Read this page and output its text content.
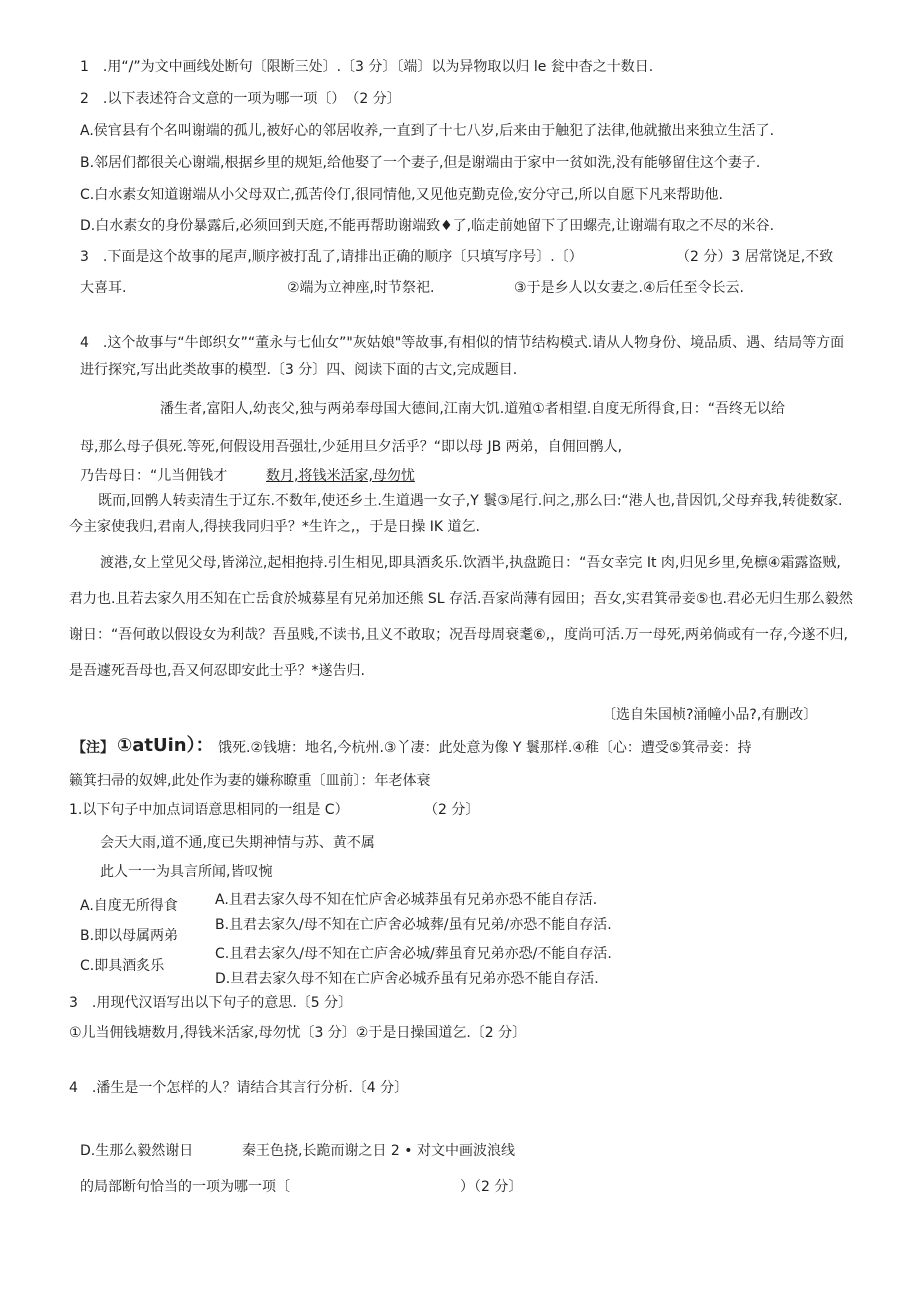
1　.用“/”为文中画线处断句〔限断三处〕.〔3 分〕〔端〕以为异物取以归 le 瓮中杳之十数日.
2　.以下表述符合文意的一项为哪一项〔）　（2 分〕
A.侯官县有个名叫谢端的孤儿,被好心的邻居收养,一直到了十七八岁,后来由于触犯了法律,他就撤出来独立生活了.
B.邻居们都很关心谢端,根据乡里的规矩,给他娶了一个妻子,但是谢端由于家中一贫如洗,没有能够留住这个妻子.
C.白水素女知道谢端从小父母双亡,孤苦伶仃,很同情他,又见他克勤克俭,安分守己,所以自愿下凡来帮助他.
D.白水素女的身份暴露后,必须回到天庭,不能再帮助谢端致♦了,临走前她留下了田螺壳,让谢端有取之不尽的米谷.
3　.下面是这个故事的尾声,顺序被打乱了,请排出正确的顺序〔只填写序号〕.〔）	（2 分）3 居常饶足,不致
大喜耳.	②端为立神座,时节祭祀.	③于是乡人以女妻之.④后任至令长云.
4　.这个故事与“牛郎织女”“董永与七仙女”"灰姑娘"等故事,有相似的情节结构模式.请从人物身份、境品质、遇、结局等方面
进行探究,写出此类故事的模型.〔3 分〕四、阅读下面的古文,完成题目.
潘生者,富阳人,幼丧父,独与两弟奉母国大德间,江南大饥.道殖①者相望.自度无所得食,日：“吾终无以给
母,那么母子俱死.等死,何假设用吾强壮,少延用旦夕活乎？“即以母 JB 两弟，自佣回鹘人,
乃告母日：“儿当佣钱才	数月,将钱米活家,母勿忧
既而,回鹘人转卖清生于辽东.不数年,使还乡土.生道遇一女子,Y 鬟③尾行.问之,那么曰:“港人也,昔因饥,父母弃我,转徙数家.
今主家使我归,君南人,得挟我同归乎？*生许之,，于是日操 IK 道乞.
渡港,女上堂见父母,皆涕泣,起相抱持.引生相见,即具酒炙乐.饮酒半,执盘跪日：“吾女幸完 It 肉,归见乡里,免檩④霜露盗贼,
君力也.且若去家久用丕知在亡岳食於城募星有兄弟加还熊 SL 存活.吾家尚薄有园田；吾女,实君箕帚妾⑤也.君必无归生那么毅然
谢日：“吾何敢以假设女为利哉？吾虽贱,不读书,且义不敢取；况吾母周衰耄⑥,，度尚可活.万一母死,两弟倘或有一存,今遂不归,
是吾遽死吾母也,吾又何忍即安此士乎？*遂告归.
〔选自朱国桢?涌幢小品?,有删改〕
【注】 ①atUin）： 饿死.②钱塘：地名,今杭州.③丫凄：此处意为像 Y 鬟那样.④稚〔心：遭受⑤箕帚妾：持
籁箕扫帚的奴婢,此处作为妻的嫌称瞭重〔皿前〕：年老体衰
1.以下句子中加点词语意思相同的一组是 C）	（2 分〕
会天大雨,道不通,度已失期神情与苏、黄不属
此人一一为具言所闻,皆叹惋
A.自度无所得食
B.即以母属两弟
C.即具酒炙乐
A.且君去家久母不知在忙庐舍必城莽虽有兄弟亦恐不能自存活.
B.且君去家久/母不知在亡庐舍必城葬/虽有兄弟/亦恐不能自存活.
C.且君去家久/母不知在亡庐舍必城/葬虽育兄弟亦恐/不能自存活.
D.旦君去家久母不知在亡庐舍必城乔虽有兄弟亦恐不能自存活.
3　.用现代汉语写出以下句子的意思.〔5 分〕
①儿当佣钱塘数月,得钱米活家,母勿忧〔3 分〕②于是日操国道乞.〔2 分〕
4　.潘生是一个怎样的人？请结合其言行分析.〔4 分〕
D.生那么毅然谢日	秦王色挠,长跪而谢之日 2 • 对文中画波浪线
的局部断句恰当的一项为哪一项〔	）（2 分〕
